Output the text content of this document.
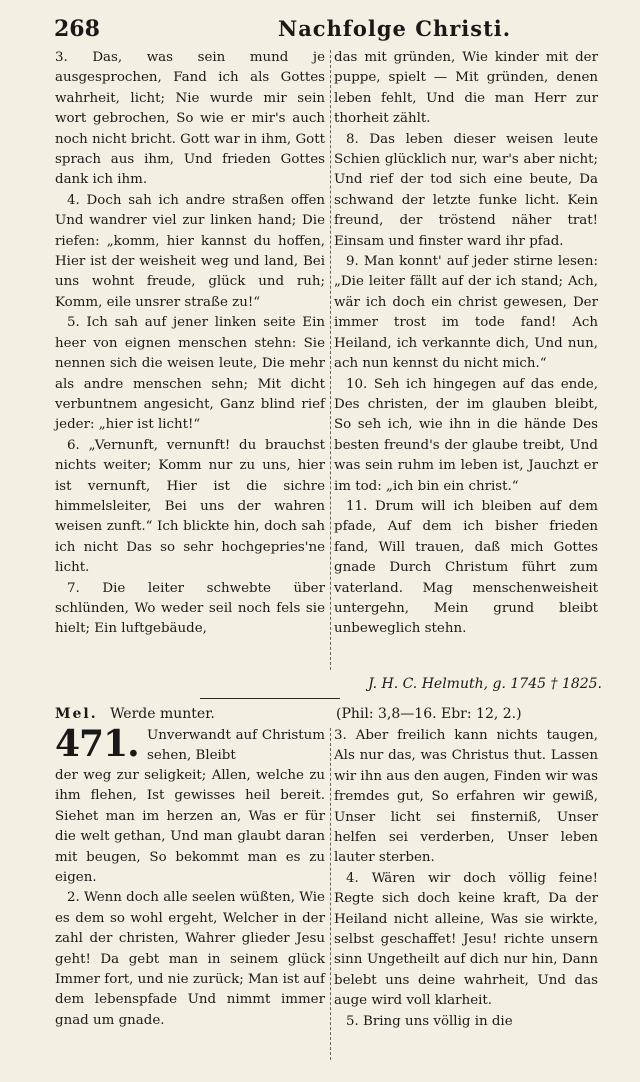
268	Nachfolge Christi.

3. Das, was sein mund je ausgesprochen, Fand ich als Gottes wahrheit, licht; Nie wurde mir sein wort gebrochen, So wie er mir's auch noch nicht bricht. Gott war in ihm, Gott sprach aus ihm, Und frieden Gottes dank ich ihm.

4. Doch sah ich andre straßen offen Und wandrer viel zur linken hand; Die riefen: „komm, hier kannst du hoffen, Hier ist der weisheit weg und land, Bei uns wohnt freude, glück und ruh; Komm, eile unsrer straße zu!“

5. Ich sah auf jener linken seite Ein heer von eignen menschen stehn: Sie nennen sich die weisen leute, Die mehr als andre menschen sehn; Mit dicht verbuntnem angesicht, Ganz blind rief jeder: „hier ist licht!“

6. „Vernunft, vernunft! du brauchst nichts weiter; Komm nur zu uns, hier ist vernunft, Hier ist die sichre himmelsleiter, Bei uns der wahren weisen zunft.“ Ich blickte hin, doch sah ich nicht Das so sehr hochgepries'ne licht.

7. Die leiter schwebte über schlünden, Wo weder seil noch fels sie hielt; Ein luftgebäude,

das mit gründen, Wie kinder mit der puppe, spielt — Mit gründen, denen leben fehlt, Und die man Herr zur thorheit zählt.

8. Das leben dieser weisen leute Schien glücklich nur, war's aber nicht; Und rief der tod sich eine beute, Da schwand der letzte funke licht. Kein freund, der tröstend näher trat! Einsam und finster ward ihr pfad.

9. Man konnt' auf jeder stirne lesen: „Die leiter fällt auf der ich stand; Ach, wär ich doch ein christ gewesen, Der immer trost im tode fand! Ach Heiland, ich verkannte dich, Und nun, ach nun kennst du nicht mich.“

10. Seh ich hingegen auf das ende, Des christen, der im glauben bleibt, So seh ich, wie ihn in die hände Des besten freund's der glaube treibt, Und was sein ruhm im leben ist, Jauchzt er im tod: „ich bin ein christ.“

11. Drum will ich bleiben auf dem pfade, Auf dem ich bisher frieden fand, Will trauen, daß mich Gottes gnade Durch Christum führt zum vaterland. Mag menschenweisheit untergehn, Mein grund bleibt unbeweglich stehn.

J. H. C. Helmuth, g. 1745 † 1825.
Mel. Werde munter.	(Phil: 3,8—16. Ebr: 12, 2.)
471. Unverwandt auf Christum sehen, Bleibt

der weg zur seligkeit; Allen, welche zu ihm flehen, Ist gewisses heil bereit. Siehet man im herzen an, Was er für die welt gethan, Und man glaubt daran mit beugen, So bekommt man es zu eigen.

2. Wenn doch alle seelen wüßten, Wie es dem so wohl ergeht, Welcher in der zahl der christen, Wahrer glieder Jesu geht! Da gebt man in seinem glück Immer fort, und nie zurück; Man ist auf dem lebenspfade Und nimmt immer gnad um gnade.

3. Aber freilich kann nichts taugen, Als nur das, was Christus thut. Lassen wir ihn aus den augen, Finden wir was fremdes gut, So erfahren wir gewiß, Unser licht sei finsterniß, Unser helfen sei verderben, Unser leben lauter sterben.

4. Wären wir doch völlig feine! Regte sich doch keine kraft, Da der Heiland nicht alleine, Was sie wirkte, selbst geschaffet! Jesu! richte unsern sinn Ungetheilt auf dich nur hin, Dann belebt uns deine wahrheit, Und das auge wird voll klarheit.

5. Bring uns völlig in die
